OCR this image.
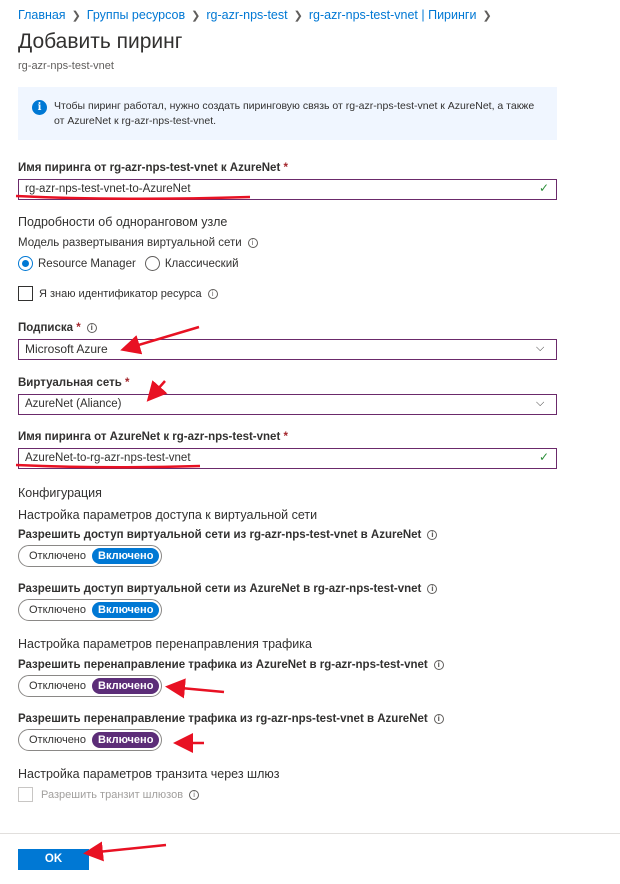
Главная ❯ Группы ресурсов ❯ rg-azr-nps-test ❯ rg-azr-nps-test-vnet | Пиринги ❯
Добавить пиринг
rg-azr-nps-test-vnet
i	Чтобы пиринг работал, нужно создать пиринговую связь от rg-azr-nps-test-vnet к AzureNet, а также от AzureNet к rg-azr-nps-test-vnet.
Имя пиринга от rg-azr-nps-test-vnet к AzureNet *
rg-azr-nps-test-vnet-to-AzureNet	✓
Подробности об одноранговом узле
Модель развертывания виртуальной сети i
Resource Manager	Классический
Я знаю идентификатор ресурса	i
Подписка * i
Microsoft Azure	⌵
Виртуальная сеть *
AzureNet (Aliance)	⌵
Имя пиринга от AzureNet к rg-azr-nps-test-vnet *
AzureNet-to-rg-azr-nps-test-vnet	✓
Конфигурация
Настройка параметров доступа к виртуальной сети
Разрешить доступ виртуальной сети из rg-azr-nps-test-vnet в AzureNet i
Отключено	Включено
Разрешить доступ виртуальной сети из AzureNet в rg-azr-nps-test-vnet i
Отключено	Включено
Настройка параметров перенаправления трафика
Разрешить перенаправление трафика из AzureNet в rg-azr-nps-test-vnet i
Отключено	Включено
Разрешить перенаправление трафика из rg-azr-nps-test-vnet в AzureNet i
Отключено	Включено
Настройка параметров транзита через шлюз
Разрешить транзит шлюзов	i
OK
